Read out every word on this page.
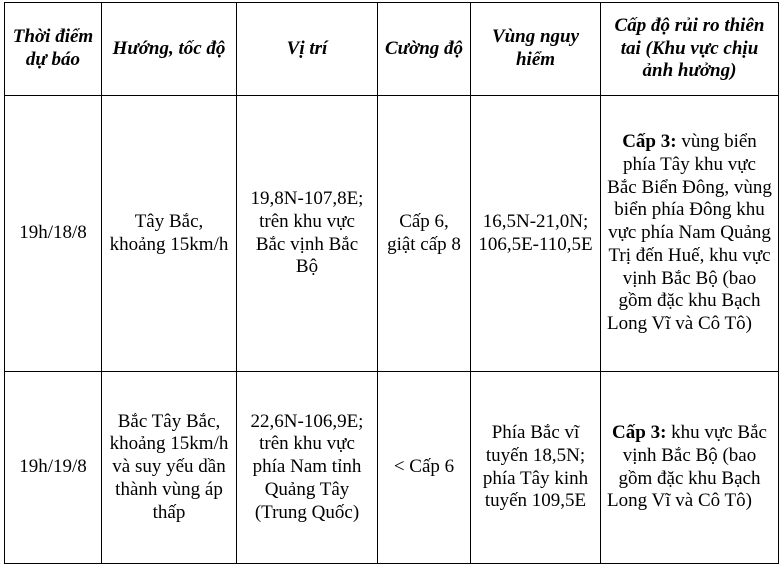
Thời điểm dự báo	Hướng, tốc độ	Vị trí	Cường độ	Vùng nguy hiểm	Cấp độ rủi ro thiên tai (Khu vực chịu ảnh hưởng)
19h/18/8	Tây Bắc, khoảng 15km/h	19,8N-107,8E; trên khu vực Bắc vịnh Bắc Bộ	Cấp 6, giật cấp 8	16,5N-21,0N; 106,5E-110,5E	Cấp 3: vùng biển phía Tây khu vực Bắc Biển Đông, vùng biển phía Đông khu vực phía Nam Quảng Trị đến Huế, khu vực vịnh Bắc Bộ (bao gồm đặc khu Bạch Long Vĩ và Cô Tô)
19h/19/8	Bắc Tây Bắc, khoảng 15km/h và suy yếu dần thành vùng áp thấp	22,6N-106,9E; trên khu vực phía Nam tỉnh Quảng Tây (Trung Quốc)	< Cấp 6	Phía Bắc vĩ tuyến 18,5N; phía Tây kinh tuyến 109,5E	Cấp 3: khu vực Bắc vịnh Bắc Bộ (bao gồm đặc khu Bạch Long Vĩ và Cô Tô)
